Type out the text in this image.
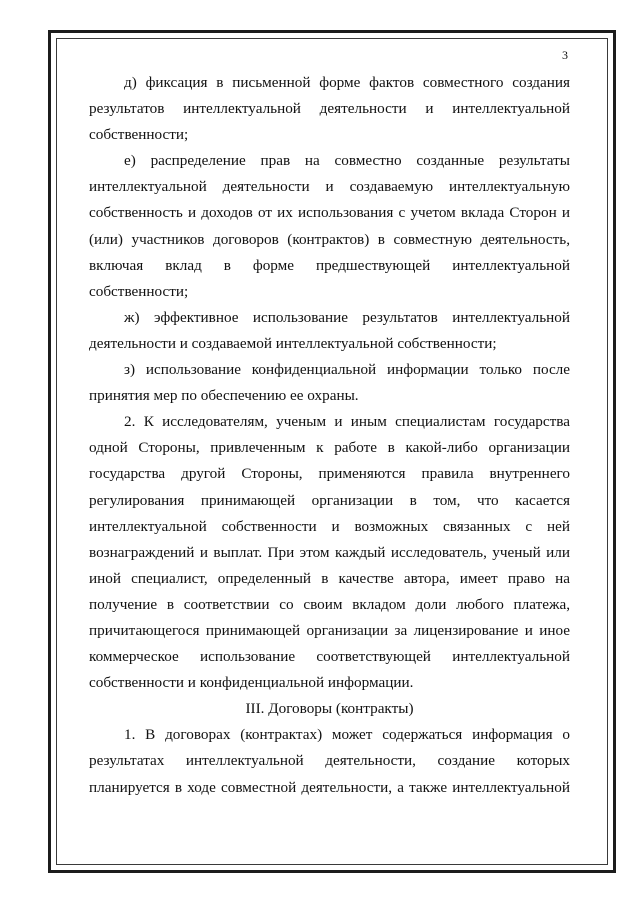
3

д) фиксация в письменной форме фактов совместного создания результатов интеллектуальной деятельности и интеллектуальной собственности;

е) распределение прав на совместно созданные результаты интеллектуальной деятельности и создаваемую интеллектуальную собственность и доходов от их использования с учетом вклада Сторон и (или) участников договоров (контрактов) в совместную деятельность, включая вклад в форме предшествующей интеллектуальной собственности;

ж) эффективное использование результатов интеллектуальной деятельности и создаваемой интеллектуальной собственности;

з) использование конфиденциальной информации только после принятия мер по обеспечению ее охраны.

2. К исследователям, ученым и иным специалистам государства одной Стороны, привлеченным к работе в какой-либо организации государства другой Стороны, применяются правила внутреннего регулирования принимающей организации в том, что касается интеллектуальной собственности и возможных связанных с ней вознаграждений и выплат. При этом каждый исследователь, ученый или иной специалист, определенный в качестве автора, имеет право на получение в соответствии со своим вкладом доли любого платежа, причитающегося принимающей организации за лицензирование и иное коммерческое использование соответствующей интеллектуальной собственности и конфиденциальной информации.

III. Договоры (контракты)

1. В договорах (контрактах) может содержаться информация о результатах интеллектуальной деятельности, создание которых планируется в ходе совместной деятельности, а также интеллектуальной
